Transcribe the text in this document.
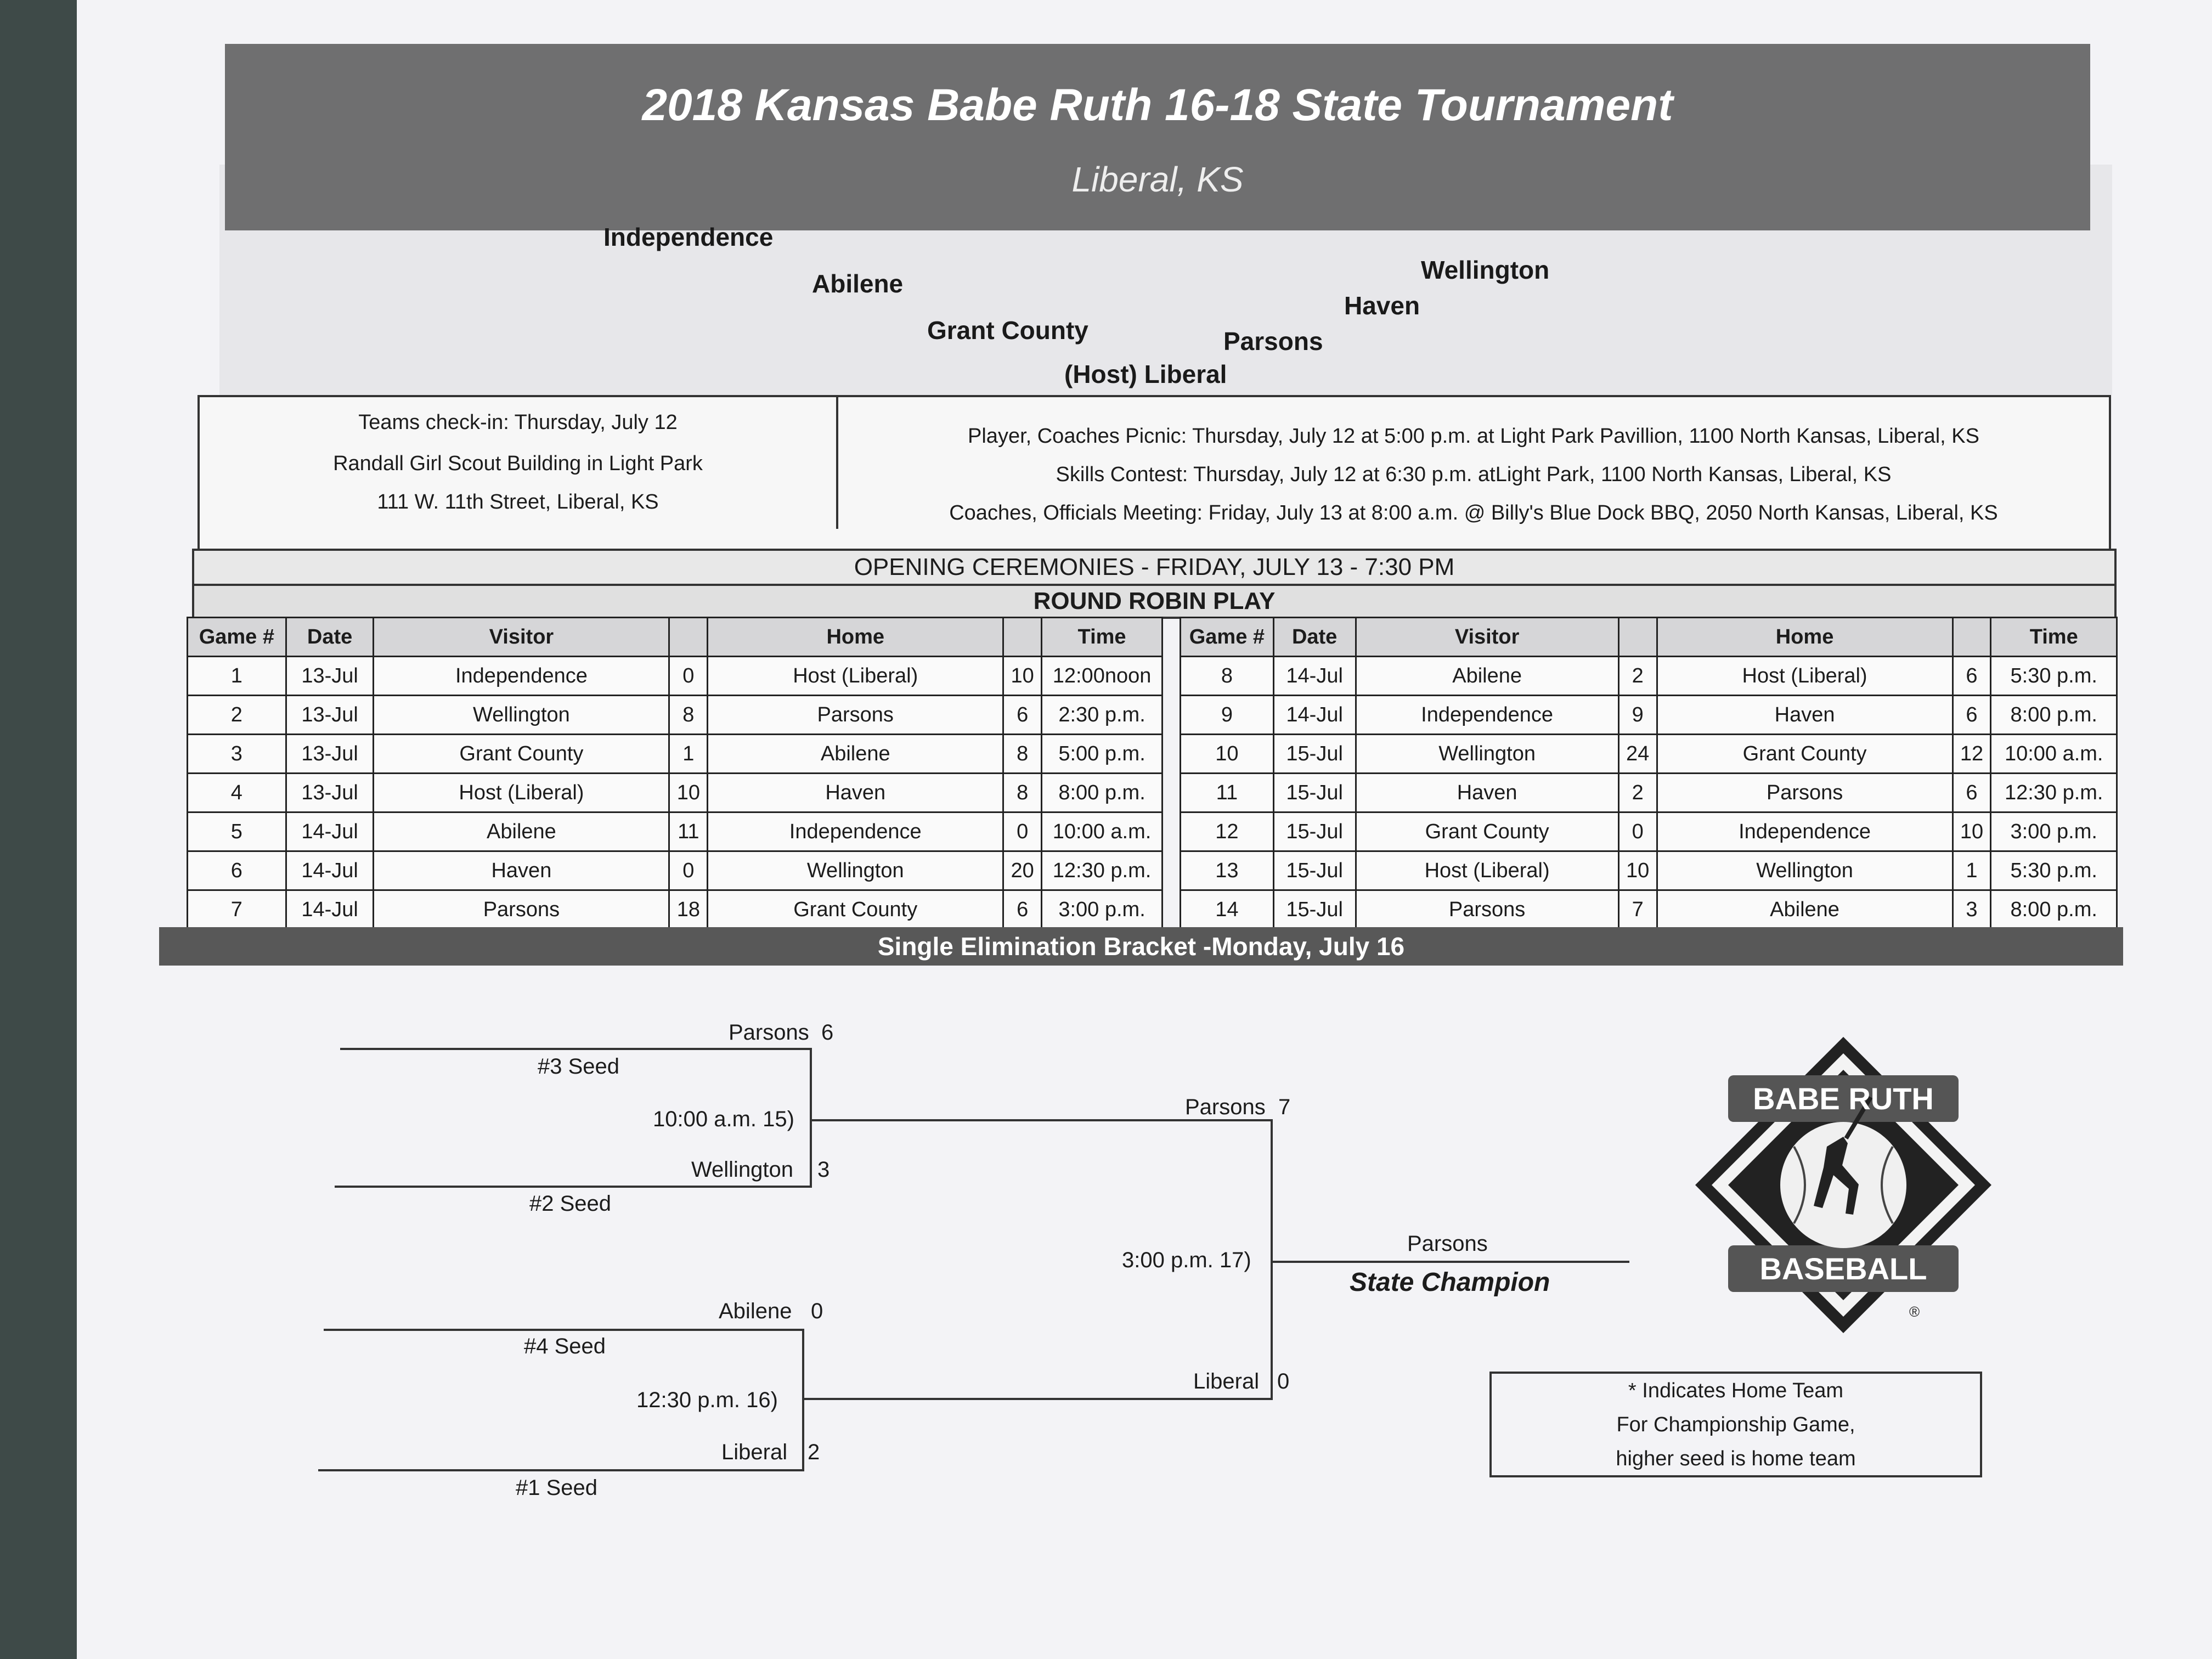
2018 Kansas Babe Ruth 16-18 State Tournament
Liberal, KS
Independence
Abilene
Grant County
(Host) Liberal
Parsons
Haven
Wellington
Teams check-in: Thursday, July 12
Randall Girl Scout Building in Light Park
111 W. 11th Street, Liberal, KS
Player, Coaches Picnic: Thursday, July 12 at 5:00 p.m. at Light Park Pavillion, 1100 North Kansas, Liberal, KS
Skills Contest: Thursday, July 12 at 6:30 p.m. atLight Park, 1100 North Kansas, Liberal, KS
Coaches, Officials Meeting: Friday, July 13 at 8:00 a.m. @ Billy's Blue Dock BBQ, 2050 North Kansas, Liberal, KS
OPENING CEREMONIES - FRIDAY, JULY 13 - 7:30 PM
ROUND ROBIN PLAY
Game #	Date	Visitor		Home		Time
1	13-Jul	Independence	0	Host (Liberal)	10	12:00noon
2	13-Jul	Wellington	8	Parsons	6	2:30 p.m.
3	13-Jul	Grant County	1	Abilene	8	5:00 p.m.
4	13-Jul	Host (Liberal)	10	Haven	8	8:00 p.m.
5	14-Jul	Abilene	11	Independence	0	10:00 a.m.
6	14-Jul	Haven	0	Wellington	20	12:30 p.m.
7	14-Jul	Parsons	18	Grant County	6	3:00 p.m.
Game #	Date	Visitor		Home		Time
8	14-Jul	Abilene	2	Host (Liberal)	6	5:30 p.m.
9	14-Jul	Independence	9	Haven	6	8:00 p.m.
10	15-Jul	Wellington	24	Grant County	12	10:00 a.m.
11	15-Jul	Haven	2	Parsons	6	12:30 p.m.
12	15-Jul	Grant County	0	Independence	10	3:00 p.m.
13	15-Jul	Host (Liberal)	10	Wellington	1	5:30 p.m.
14	15-Jul	Parsons	7	Abilene	3	8:00 p.m.
Single Elimination Bracket -Monday, July 16
Parsons 6
#3 Seed
10:00 a.m. 15)
Wellington 3
#2 Seed
Abilene 0
#4 Seed
12:30 p.m. 16)
Liberal 2
#1 Seed
Parsons 7
3:00 p.m. 17)
Liberal 0
Parsons
State Champion
* Indicates Home Team
For Championship Game,
higher seed is home team
BABE RUTH
BASEBALL
®
